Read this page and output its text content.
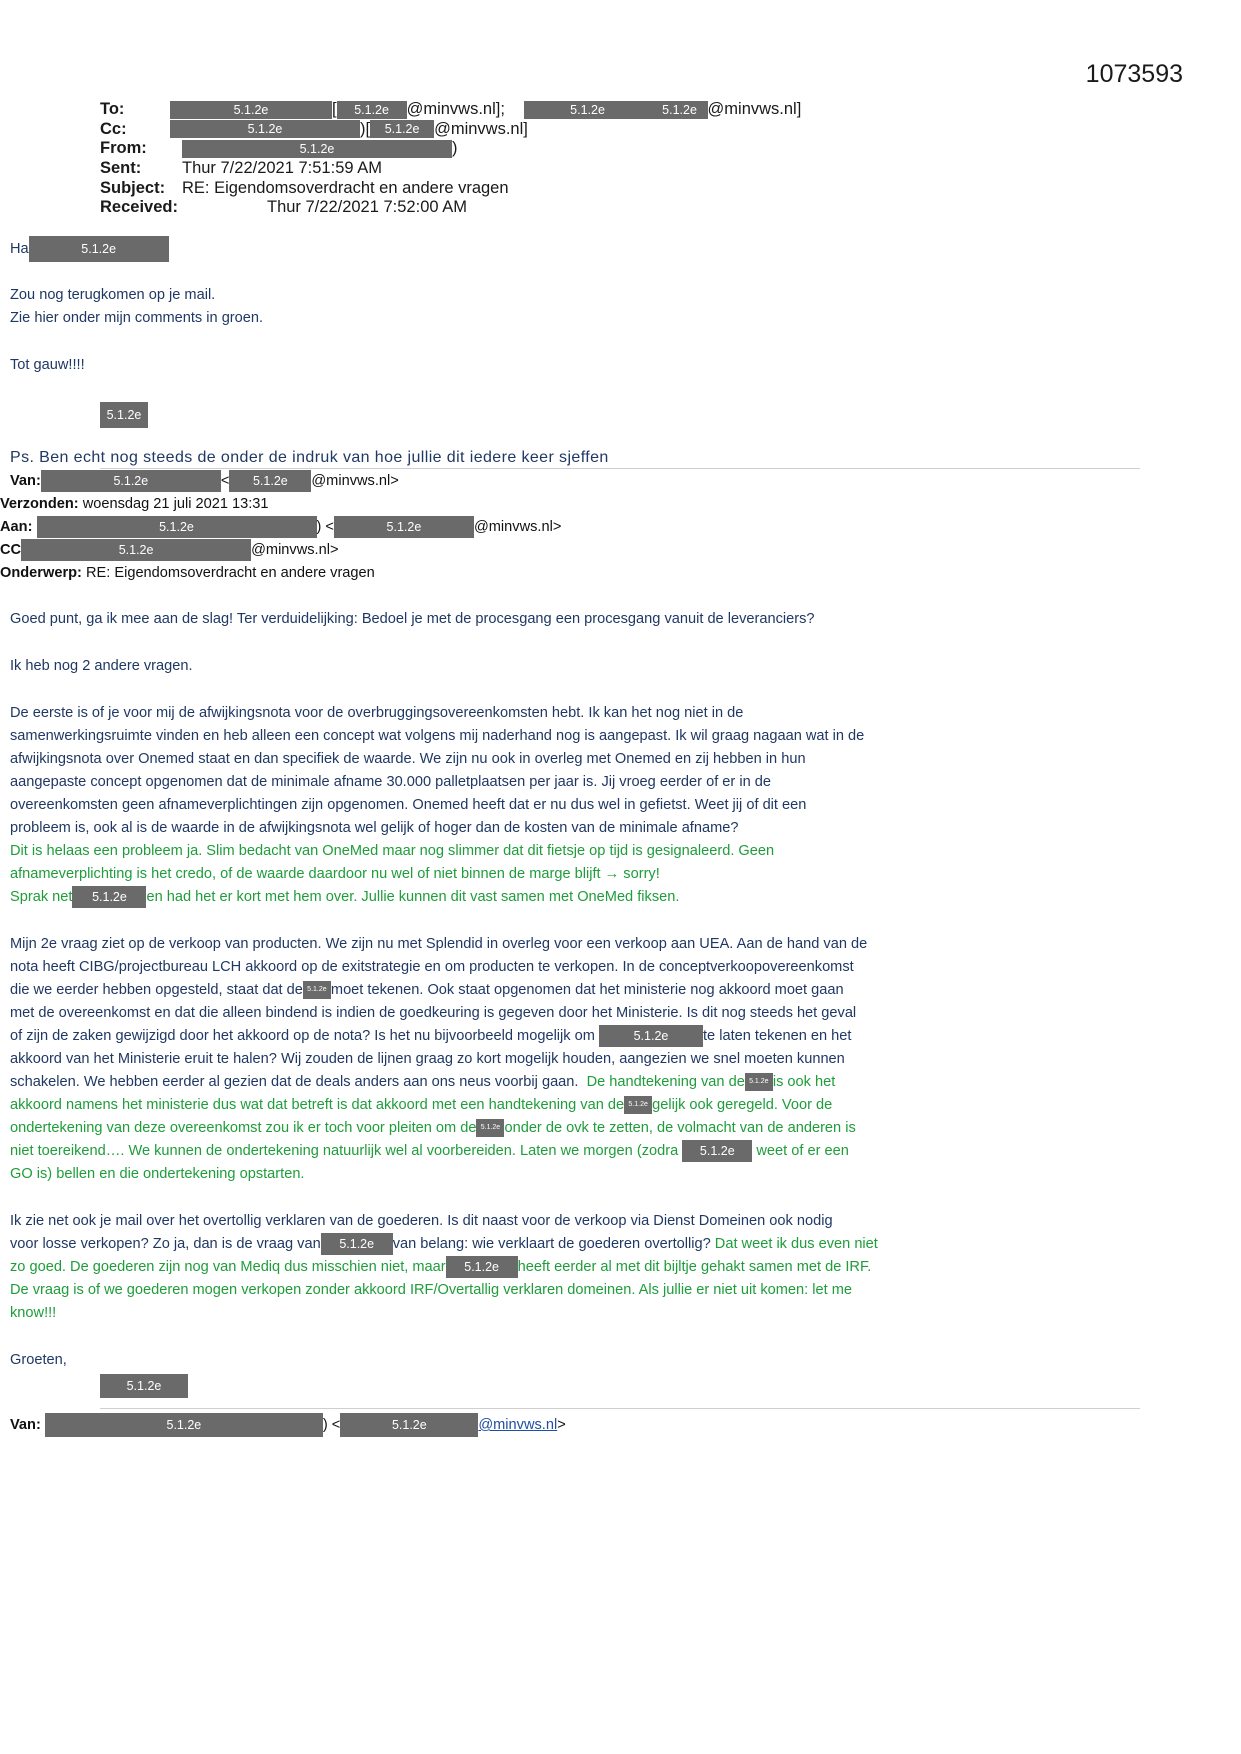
1073593
To:	5.1.2e	[ 5.1.2e @minvws.nl];	5.1.2e	5.1.2e @minvws.nl]
Cc:	5.1.2e	)[ 5.1.2e @minvws.nl]
From:	5.1.2e	)
Sent: Thur 7/22/2021 7:51:59 AM
Subject: RE: Eigendomsoverdracht en andere vragen
Received:	Thur 7/22/2021 7:52:00 AM
Ha	5.1.2e
Zou nog terugkomen op je mail.
Zie hier onder mijn comments in groen.
Tot gauw!!!!
5.1.2e
Ps. Ben echt nog steeds de onder de indruk van hoe jullie dit iedere keer sjeffen
Van:	5.1.2e	< 5.1.2e @minvws.nl>
Verzonden: woensdag 21 juli 2021 13:31
Aan:	5.1.2e	) <	5.1.2e	@minvws.nl>
CC	5.1.2e	@minvws.nl>
Onderwerp: RE: Eigendomsoverdracht en andere vragen
Goed punt, ga ik mee aan de slag! Ter verduidelijking: Bedoel je met de procesgang een procesgang vanuit de leveranciers?
Ik heb nog 2 andere vragen.
De eerste is of je voor mij de afwijkingsnota voor de overbruggingsovereenkomsten hebt. Ik kan het nog niet in de
samenwerkingsruimte vinden en heb alleen een concept wat volgens mij naderhand nog is aangepast. Ik wil graag nagaan wat in de
afwijkingsnota over Onemed staat en dan specifiek de waarde. We zijn nu ook in overleg met Onemed en zij hebben in hun
aangepaste concept opgenomen dat de minimale afname 30.000 palletplaatsen per jaar is. Jij vroeg eerder of er in de
overeenkomsten geen afnameverplichtingen zijn opgenomen. Onemed heeft dat er nu dus wel in gefietst. Weet jij of dit een
probleem is, ook al is de waarde in de afwijkingsnota wel gelijk of hoger dan de kosten van de minimale afname?
Dit is helaas een probleem ja. Slim bedacht van OneMed maar nog slimmer dat dit fietsje op tijd is gesignaleerd. Geen
afnameverplichting is het credo, of de waarde daardoor nu wel of niet binnen de marge blijft → sorry!
Sprak net 5.1.2e en had het er kort met hem over. Jullie kunnen dit vast samen met OneMed fiksen.
Mijn 2e vraag ziet op de verkoop van producten. We zijn nu met Splendid in overleg voor een verkoop aan UEA. Aan de hand van de
nota heeft CIBG/projectbureau LCH akkoord op de exitstrategie en om producten te verkopen. In de conceptverkoopovereenkomst
die we eerder hebben opgesteld, staat dat de 5.1.2e moet tekenen. Ook staat opgenomen dat het ministerie nog akkoord moet gaan
met de overeenkomst en dat die alleen bindend is indien de goedkeuring is gegeven door het Ministerie. Is dit nog steeds het geval
of zijn de zaken gewijzigd door het akkoord op de nota? Is het nu bijvoorbeeld mogelijk om	5.1.2e te laten tekenen en het
akkoord van het Ministerie eruit te halen? Wij zouden de lijnen graag zo kort mogelijk houden, aangezien we snel moeten kunnen
schakelen. We hebben eerder al gezien dat de deals anders aan ons neus voorbij gaan. De handtekening van de 5.1.2e is ook het
akkoord namens het ministerie dus wat dat betreft is dat akkoord met een handtekening van de 5.1.2e gelijk ook geregeld. Voor de
ondertekening van deze overeenkomst zou ik er toch voor pleiten om de 5.1.2e onder de ovk te zetten, de volmacht van de anderen is
niet toereikend…. We kunnen de ondertekening natuurlijk wel al voorbereiden. Laten we morgen (zodra 5.1.2e weet of er een
GO is) bellen en die ondertekening opstarten.
Ik zie net ook je mail over het overtollig verklaren van de goederen. Is dit naast voor de verkoop via Dienst Domeinen ook nodig
voor losse verkopen? Zo ja, dan is de vraag van 5.1.2e van belang: wie verklaart de goederen overtollig? Dat weet ik dus even niet
zo goed. De goederen zijn nog van Mediq dus misschien niet, maar 5.1.2e heeft eerder al met dit bijltje gehakt samen met de IRF.
De vraag is of we goederen mogen verkopen zonder akkoord IRF/Overtallig verklaren domeinen. Als jullie er niet uit komen: let me
know!!!
Groeten,
5.1.2e
Van:	5.1.2e	) <	5.1.2e	@minvws.nl>
